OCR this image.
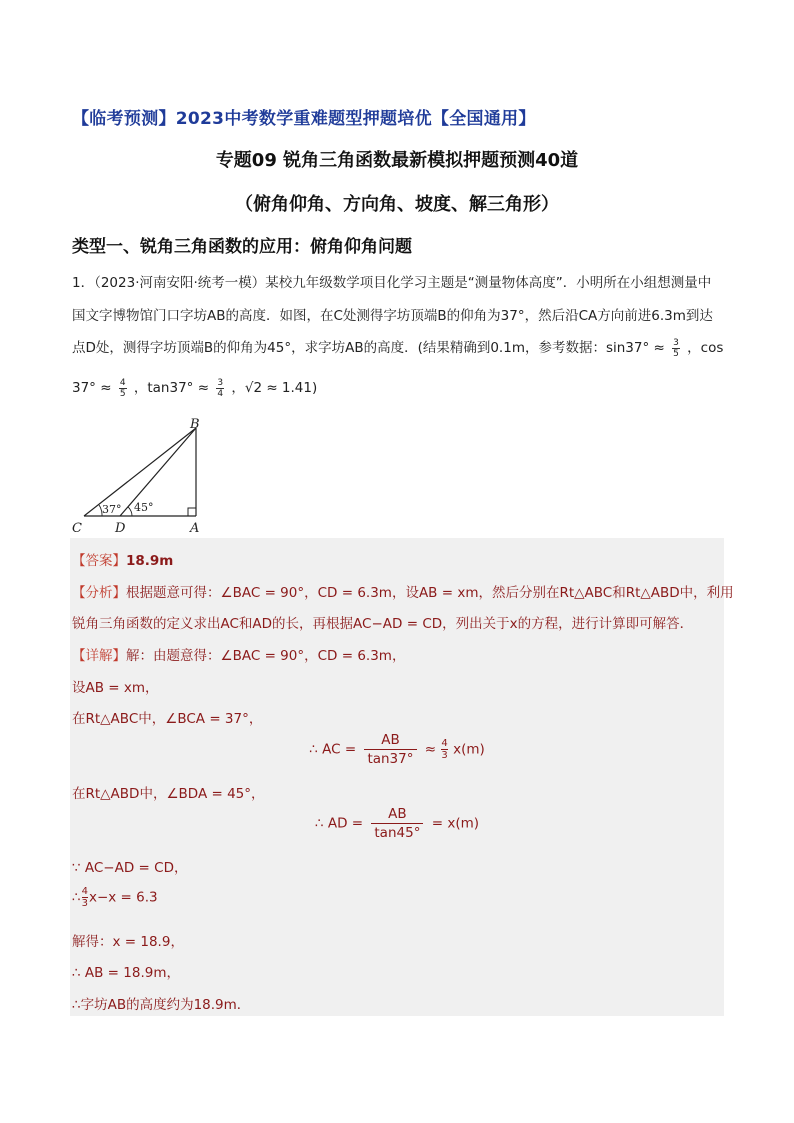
【临考预测】2023中考数学重难题型押题培优【全国通用】
专题09 锐角三角函数最新模拟押题预测40道
（俯角仰角、方向角、坡度、解三角形）
类型一、锐角三角函数的应用：俯角仰角问题
1．（2023·河南安阳·统考一模）某校九年级数学项目化学习主题是“测量物体高度”．小明所在小组想测量中
国文字博物馆门口字坊AB的高度．如图，在C处测得字坊顶端B的仰角为37°，然后沿CA方向前进6.3m到达
点D处，测得字坊顶端B的仰角为45°，求字坊AB的高度．(结果精确到0.1m，参考数据：$\sin 37^\circ \approx \frac{3}{5}$ ，cos
$37^\circ \approx \frac{4}{5}$ ，$\tan 37^\circ \approx \frac{3}{4}$ ，√2 ≈ 1.41)
B
C	D	A
37° 45°
【答案】18.9m
【分析】根据题意可得：∠BAC = 90°，CD = 6.3m，设AB = xm，然后分别在Rt△ABC和Rt△ABD中，利用
锐角三角函数的定义求出AC和AD的长，再根据AC−AD = CD，列出关于x的方程，进行计算即可解答．
【详解】解：由题意得：∠BAC = 90°，CD = 6.3m，
设AB = xm，
在Rt△ABC中，∠BCA = 37°，
∴ AC = $\frac{AB}{\tan 37^\circ} \approx \frac{4}{3} x(m)$
在Rt△ABD中，∠BDA = 45°，
∴ AD = $\frac{AB}{\tan 45^\circ} = x(m)$
∵ AC−AD = CD，
∴ $\frac{4}{3} x-x = 6.3$
解得：x = 18.9，
∴ AB = 18.9m，
∴字坊AB的高度约为18.9m．
